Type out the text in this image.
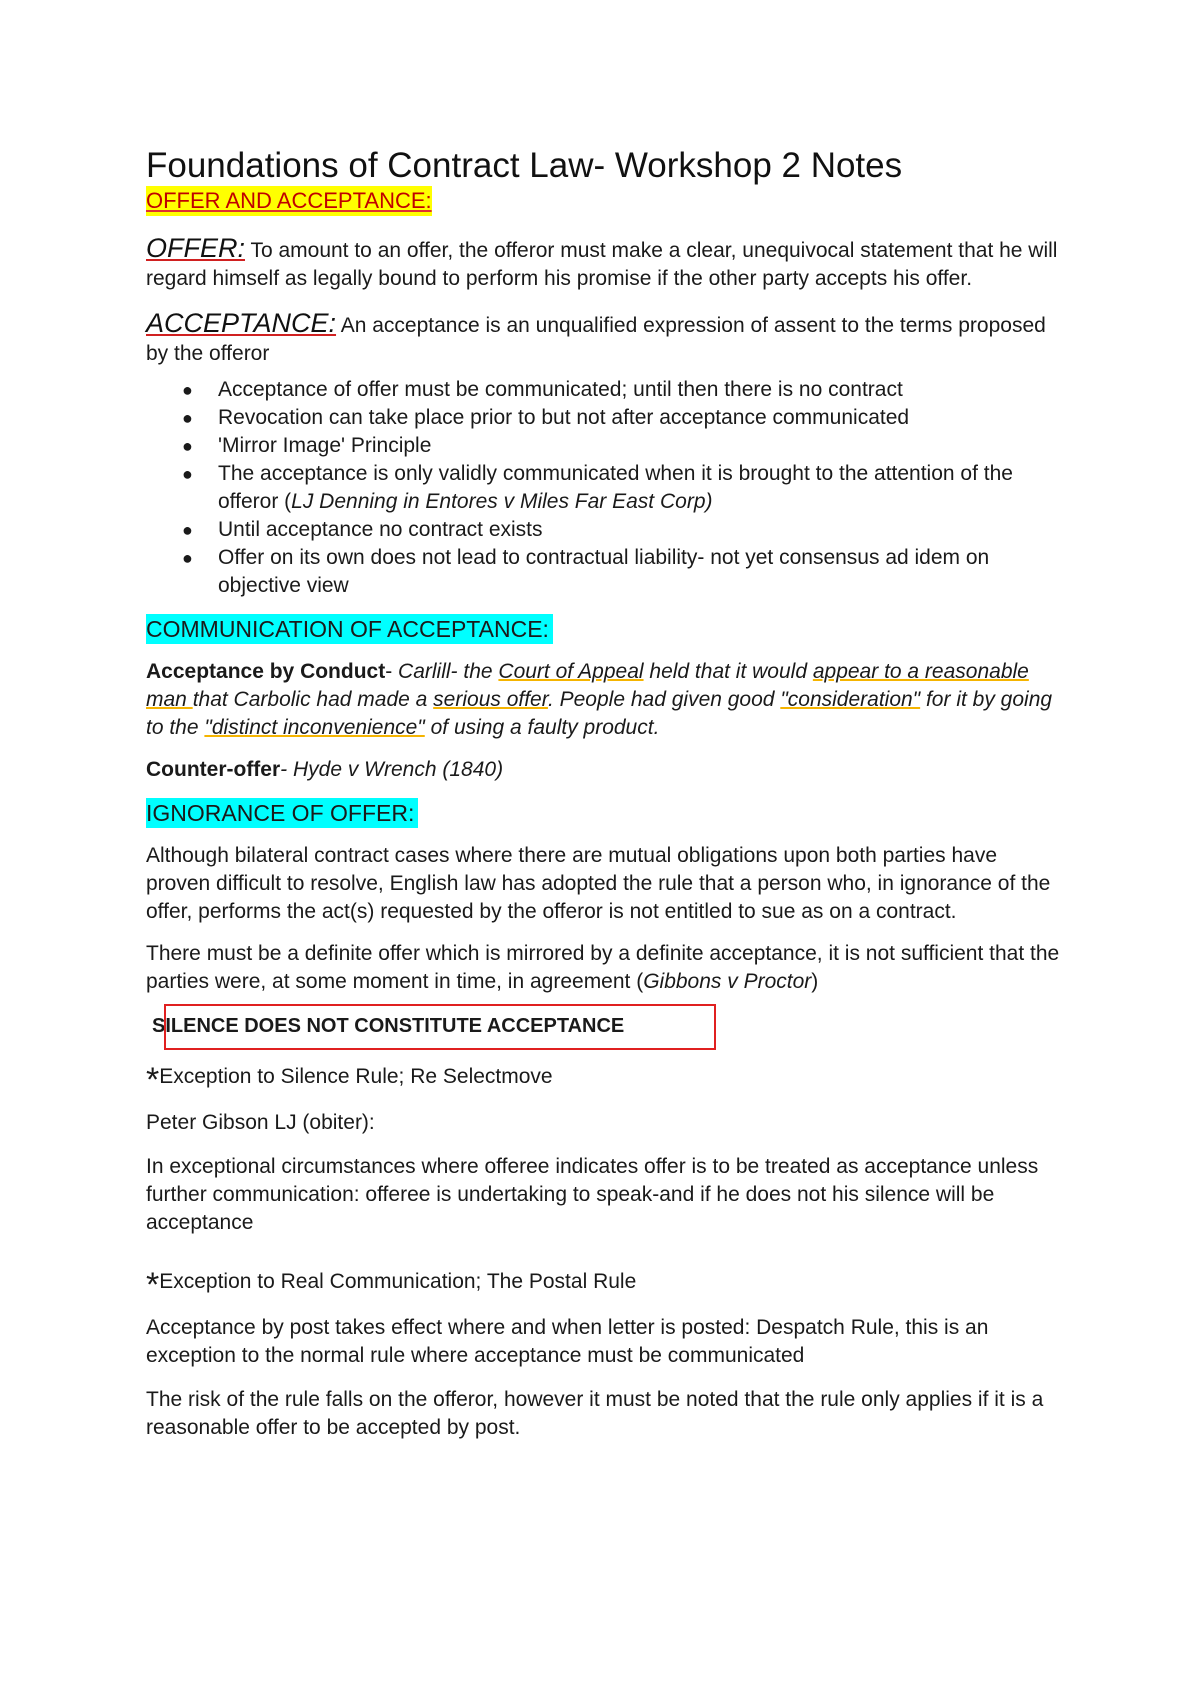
Foundations of Contract Law- Workshop 2 Notes
OFFER AND ACCEPTANCE:

OFFER: To amount to an offer, the offeror must make a clear, unequivocal statement that he will regard himself as legally bound to perform his promise if the other party accepts his offer.

ACCEPTANCE: An acceptance is an unqualified expression of assent to the terms proposed by the offeror

● Acceptance of offer must be communicated; until then there is no contract
● Revocation can take place prior to but not after acceptance communicated
● 'Mirror Image' Principle
● The acceptance is only validly communicated when it is brought to the attention of the offeror (LJ Denning in Entores v Miles Far East Corp)
● Until acceptance no contract exists
● Offer on its own does not lead to contractual liability- not yet consensus ad idem on objective view
COMMUNICATION OF ACCEPTANCE:

Acceptance by Conduct- Carlill- the Court of Appeal held that it would appear to a reasonable man that Carbolic had made a serious offer. People had given good "consideration" for it by going to the "distinct inconvenience" of using a faulty product.

Counter-offer- Hyde v Wrench (1840)

IGNORANCE OF OFFER:

Although bilateral contract cases where there are mutual obligations upon both parties have proven difficult to resolve, English law has adopted the rule that a person who, in ignorance of the offer, performs the act(s) requested by the offeror is not entitled to sue as on a contract.

There must be a definite offer which is mirrored by a definite acceptance, it is not sufficient that the parties were, at some moment in time, in agreement (Gibbons v Proctor)

SILENCE DOES NOT CONSTITUTE ACCEPTANCE

*Exception to Silence Rule; Re Selectmove

Peter Gibson LJ (obiter):

In exceptional circumstances where offeree indicates offer is to be treated as acceptance unless further communication: offeree is undertaking to speak-and if he does not his silence will be acceptance

*Exception to Real Communication; The Postal Rule

Acceptance by post takes effect where and when letter is posted: Despatch Rule, this is an exception to the normal rule where acceptance must be communicated

The risk of the rule falls on the offeror, however it must be noted that the rule only applies if it is a reasonable offer to be accepted by post.
